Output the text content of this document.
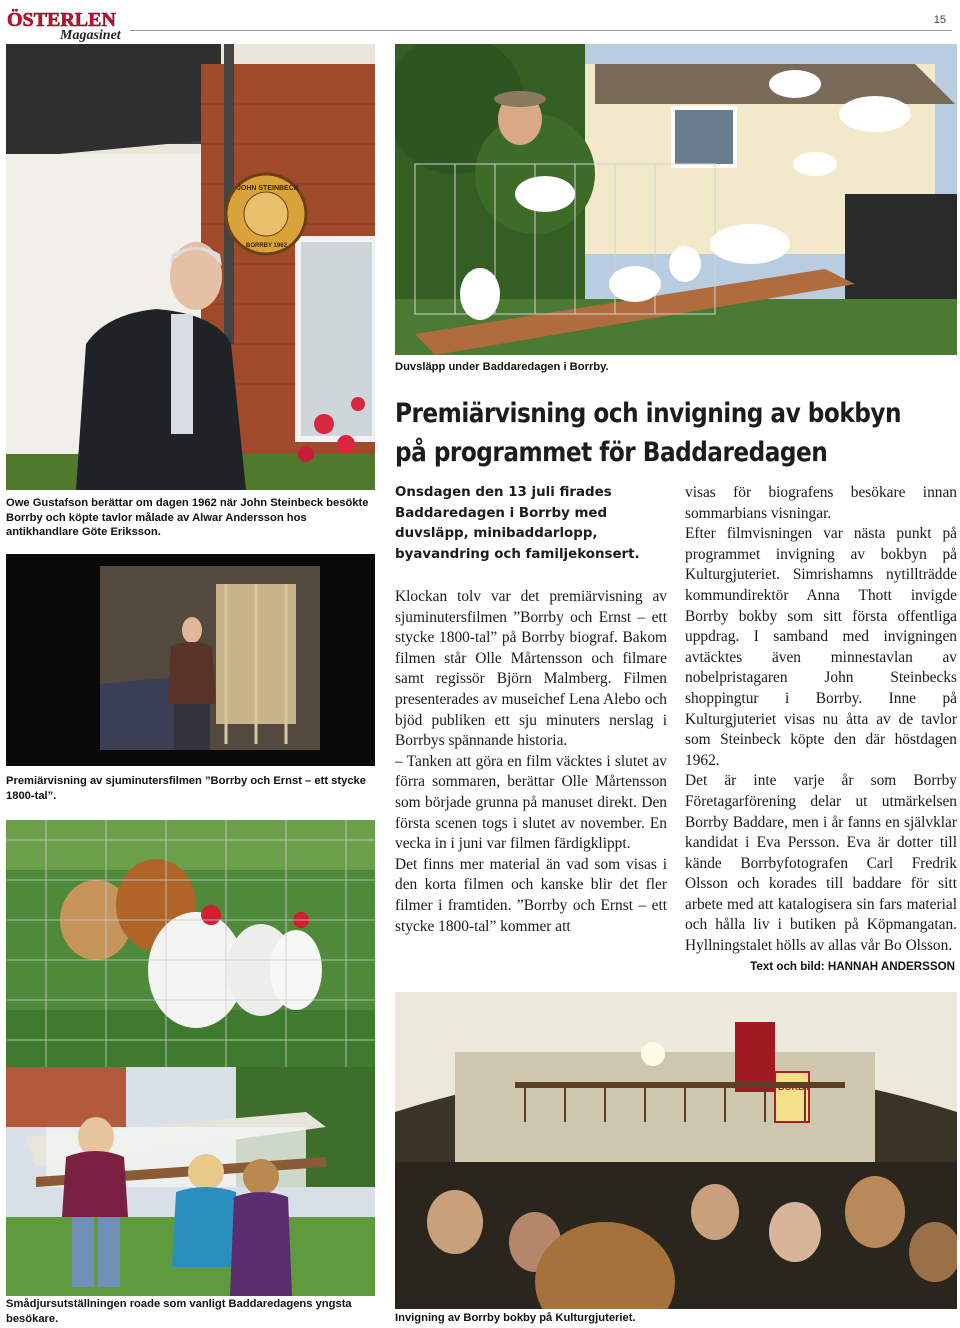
ÖSTERLEN
Magasinet
15
JOHN STEINBECK
BORRBY 1962
Owe Gustafson berättar om dagen 1962 när John Steinbeck besökte Borrby och köpte tavlor målade av Alwar Andersson hos antikhandlare Göte Eriksson.
Duvsläpp under Baddaredagen i Borrby.
Premiärvisning av sjuminutersfilmen ”Borrby och Ernst – ett stycke 1800-tal”.
Smådjursutställningen roade som vanligt Baddaredagens yngsta besökare.	Invigning av Borrby bokby på Kulturgjuteriet.
Premiärvisning och invigning av bokbyn
på programmet för Baddaredagen
Onsdagen den 13 juli firades Baddaredagen i Borrby med duvsläpp, minibaddarlopp, byavandring och familjekonsert.

Klockan tolv var det premiärvisning av sjuminutersfilmen ”Borrby och Ernst – ett stycke 1800-tal” på Borrby biograf. Bakom filmen står Olle Mårtensson och filmare samt regissör Björn Malmberg. Filmen presenterades av museichef Lena Alebo och bjöd publiken ett sju minuters nerslag i Borrbys spännande historia.

– Tanken att göra en film väcktes i slutet av förra sommaren, berättar Olle Mårtensson som började grunna på manuset direkt. Den första scenen togs i slutet av november. En vecka in i juni var filmen färdigklippt.

Det finns mer material än vad som visas i den korta filmen och kanske blir det fler filmer i framtiden. ”Borrby och Ernst – ett stycke 1800-tal” kommer att

visas för biografens besökare innan sommarbians visningar.

Efter filmvisningen var nästa punkt på programmet invigning av bokbyn på Kulturgjuteriet. Simrishamns nytillträdde kommundirektör Anna Thott invigde Borrby bokby som sitt första offentliga uppdrag. I samband med invigningen avtäcktes även minnestavlan av nobelpristagaren John Steinbecks shoppingtur i Borrby. Inne på Kulturgjuteriet visas nu åtta av de tavlor som Steinbeck köpte den där höstdagen 1962.

Det är inte varje år som Borrby Företagarförening delar ut utmärkelsen Borrby Baddare, men i år fanns en självklar kandidat i Eva Persson. Eva är dotter till kände Borrbyfotografen Carl Fredrik Olsson och korades till baddare för sitt arbete med att katalogisera sin fars material och hålla liv i butiken på Köpmangatan. Hyllningstalet hölls av allas vår Bo Olsson.

Text och bild: HANNAH ANDERSSON
